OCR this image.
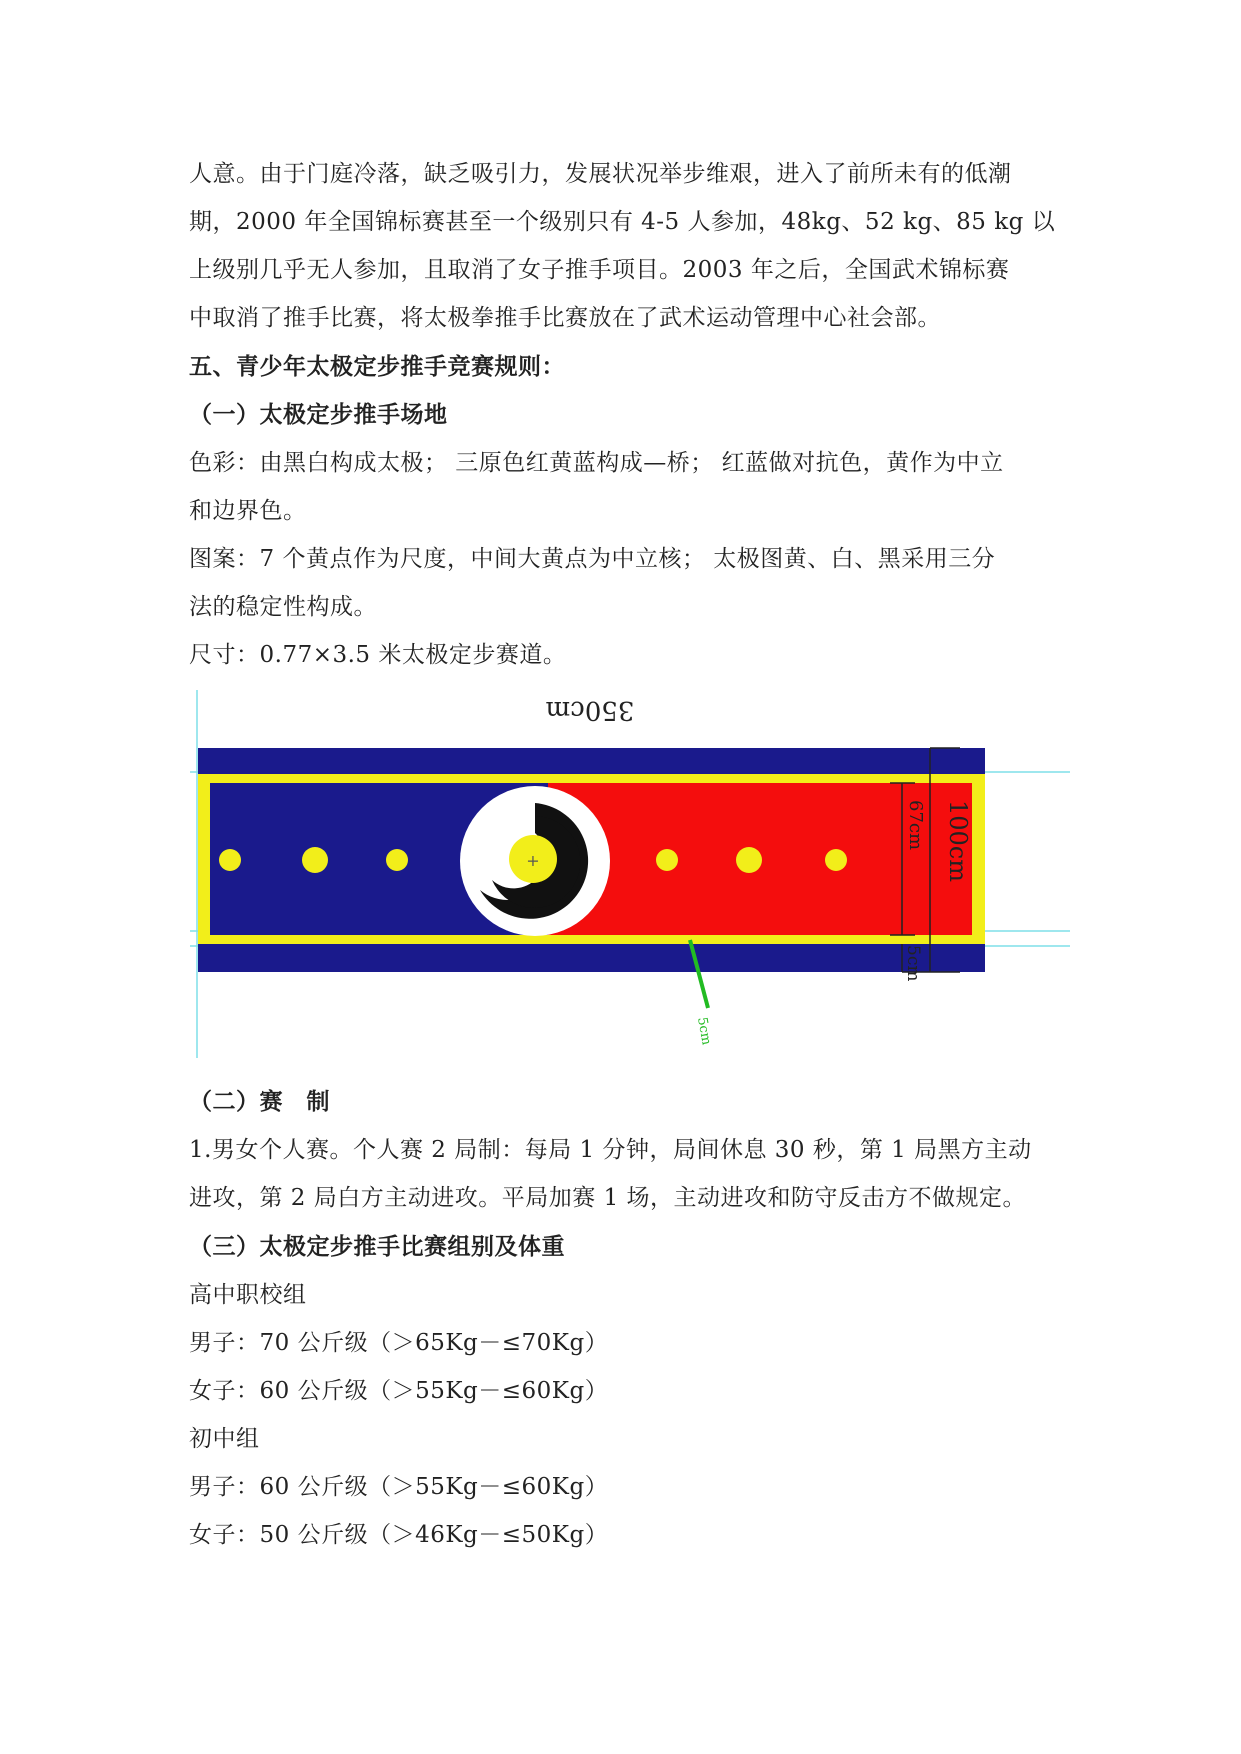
人意。由于门庭冷落，缺乏吸引力，发展状况举步维艰，进入了前所未有的低潮
期，2000 年全国锦标赛甚至一个级别只有 4-5 人参加，48kg、52 kg、85 kg 以
上级别几乎无人参加，且取消了女子推手项目。2003 年之后，全国武术锦标赛
中取消了推手比赛，将太极拳推手比赛放在了武术运动管理中心社会部。
五、青少年太极定步推手竞赛规则：
（一）太极定步推手场地
色彩：由黑白构成太极； 三原色红黄蓝构成—桥； 红蓝做对抗色，黄作为中立
和边界色。
图案：7 个黄点作为尺度，中间大黄点为中立核； 太极图黄、白、黑采用三分
法的稳定性构成。
尺寸：0.77×3.5 米太极定步赛道。
350cm
+	100cm
67cm
5cm
5cm
（二）赛　制
1.男女个人赛。个人赛 2 局制：每局 1 分钟，局间休息 30 秒，第 1 局黑方主动
进攻，第 2 局白方主动进攻。平局加赛 1 场，主动进攻和防守反击方不做规定。
（三）太极定步推手比赛组别及体重
高中职校组
男子：70 公斤级（＞65Kg－≤70Kg）
女子：60 公斤级（＞55Kg－≤60Kg）
初中组
男子：60 公斤级（＞55Kg－≤60Kg）
女子：50 公斤级（＞46Kg－≤50Kg）
